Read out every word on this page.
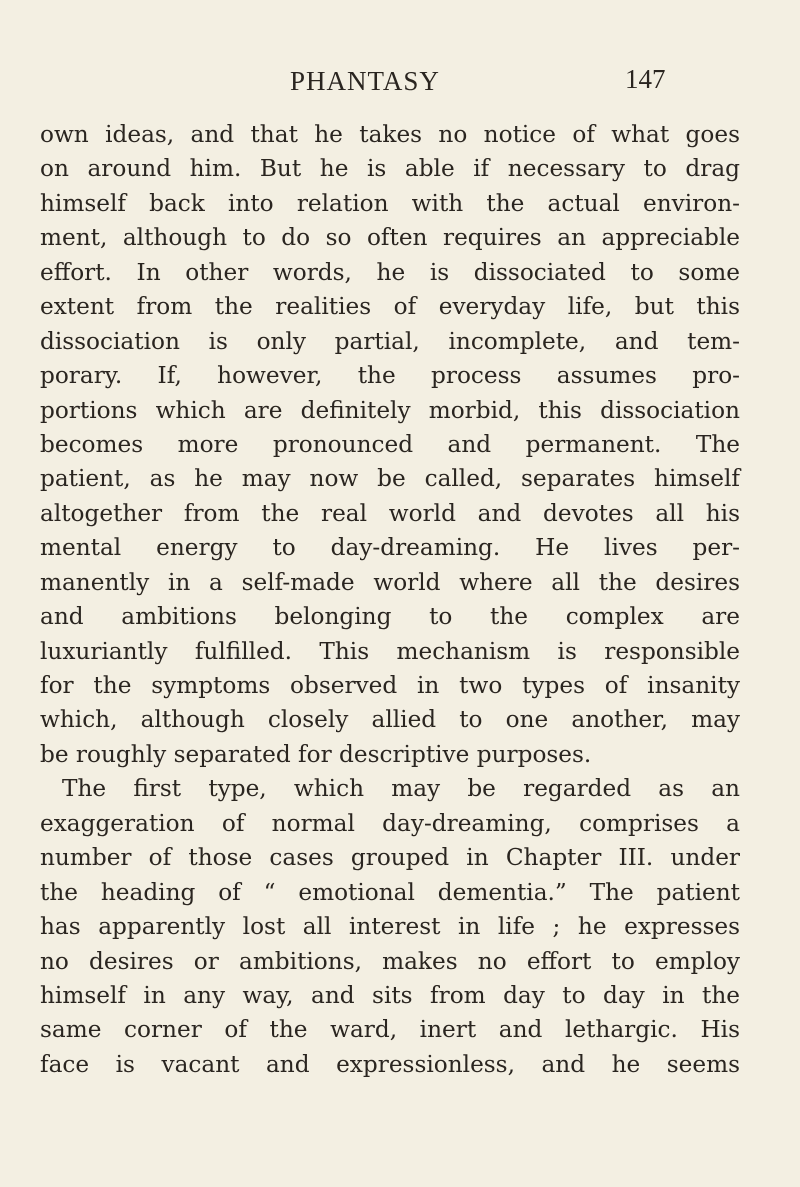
PHANTASY	147
own ideas, and that he takes no notice of what goes
on around him. But he is able if necessary to drag
himself back into relation with the actual environ-
ment, although to do so often requires an appreciable
effort. In other words, he is dissociated to some
extent from the realities of everyday life, but this
dissociation is only partial, incomplete, and tem-
porary. If, however, the process assumes pro-
portions which are definitely morbid, this dissociation
becomes more pronounced and permanent. The
patient, as he may now be called, separates himself
altogether from the real world and devotes all his
mental energy to day-dreaming. He lives per-
manently in a self-made world where all the desires
and ambitions belonging to the complex are
luxuriantly fulfilled. This mechanism is responsible
for the symptoms observed in two types of insanity
which, although closely allied to one another, may
be roughly separated for descriptive purposes.
The first type, which may be regarded as an
exaggeration of normal day-dreaming, comprises a
number of those cases grouped in Chapter III. under
the heading of “ emotional dementia.” The patient
has apparently lost all interest in life ; he expresses
no desires or ambitions, makes no effort to employ
himself in any way, and sits from day to day in the
same corner of the ward, inert and lethargic. His
face is vacant and expressionless, and he seems
